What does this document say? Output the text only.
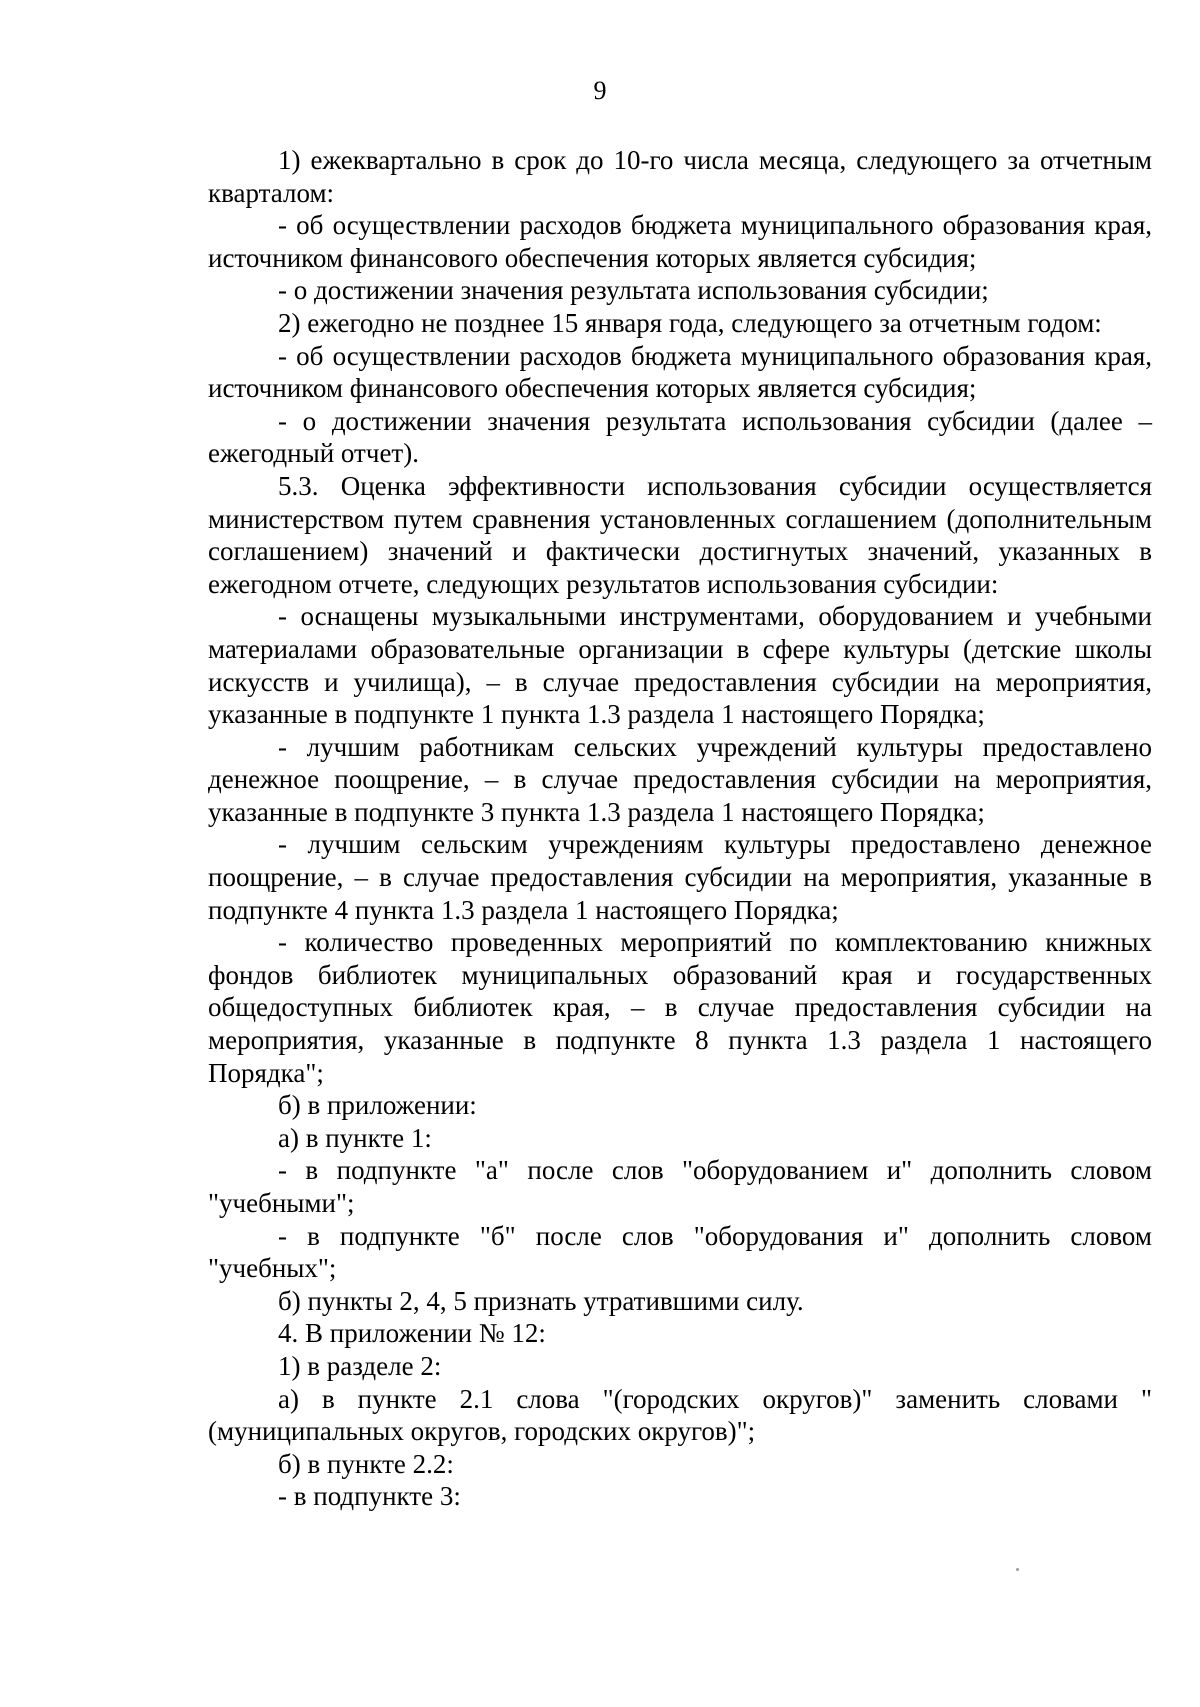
9

1) ежеквартально в срок до 10-го числа месяца, следующего за отчетным кварталом:

- об осуществлении расходов бюджета муниципального образования края, источником финансового обеспечения которых является субсидия;

- о достижении значения результата использования субсидии;

2) ежегодно не позднее 15 января года, следующего за отчетным годом:

- об осуществлении расходов бюджета муниципального образования края, источником финансового обеспечения которых является субсидия;

- о достижении значения результата использования субсидии (далее – ежегодный отчет).

5.3. Оценка эффективности использования субсидии осуществляется министерством путем сравнения установленных соглашением (дополнительным соглашением) значений и фактически достигнутых значений, указанных в ежегодном отчете, следующих результатов использования субсидии:

- оснащены музыкальными инструментами, оборудованием и учебными материалами образовательные организации в сфере культуры (детские школы искусств и училища), – в случае предоставления субсидии на мероприятия, указанные в подпункте 1 пункта 1.3 раздела 1 настоящего Порядка;

- лучшим работникам сельских учреждений культуры предоставлено денежное поощрение, – в случае предоставления субсидии на мероприятия, указанные в подпункте 3 пункта 1.3 раздела 1 настоящего Порядка;

- лучшим сельским учреждениям культуры предоставлено денежное поощрение, – в случае предоставления субсидии на мероприятия, указанные в подпункте 4 пункта 1.3 раздела 1 настоящего Порядка;

- количество проведенных мероприятий по комплектованию книжных фондов библиотек муниципальных образований края и государственных общедоступных библиотек края, – в случае предоставления субсидии на мероприятия, указанные в подпункте 8 пункта 1.3 раздела 1 настоящего Порядка";

б) в приложении:

а) в пункте 1:

- в подпункте "а" после слов "оборудованием и" дополнить словом "учебными";

- в подпункте "б" после слов "оборудования и" дополнить словом "учебных";

б) пункты 2, 4, 5 признать утратившими силу.

4. В приложении № 12:

1) в разделе 2:

а) в пункте 2.1 слова "(городских округов)" заменить словами "(муниципальных округов, городских округов)";

б) в пункте 2.2:

- в подпункте 3:
